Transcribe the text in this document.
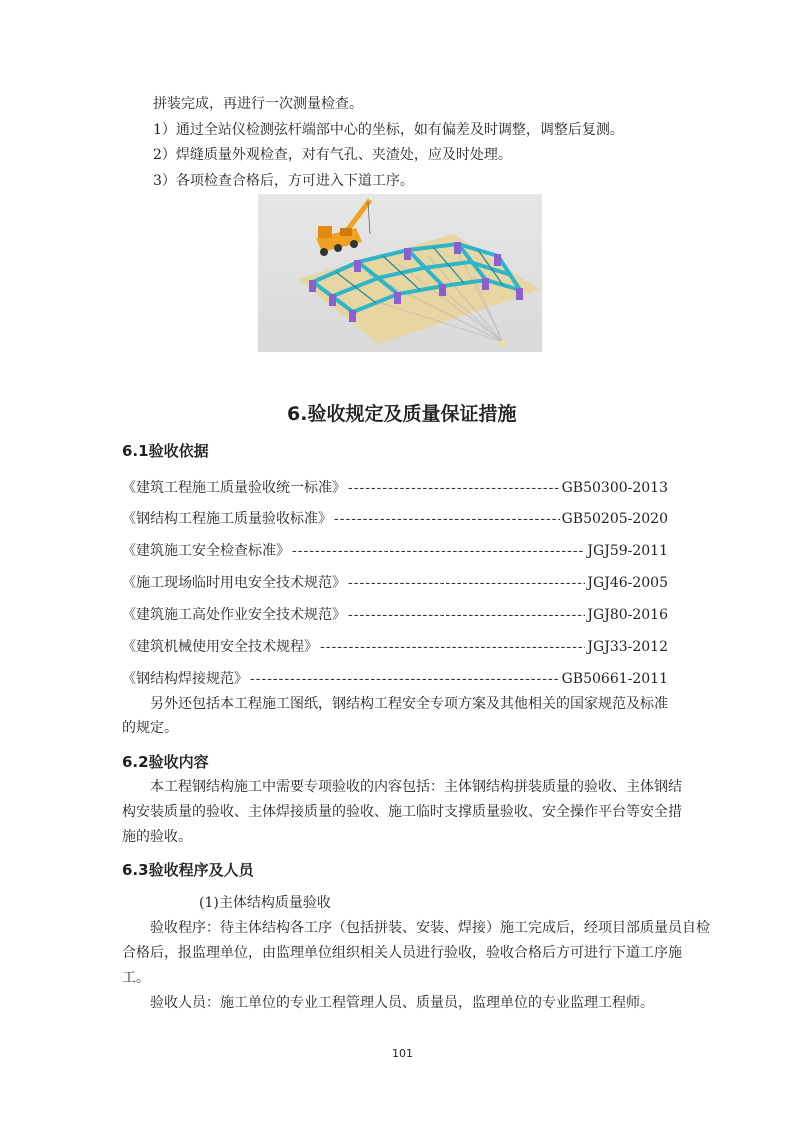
拼装完成，再进行一次测量检查。
1）通过全站仪检测弦杆端部中心的坐标，如有偏差及时调整，调整后复测。
2）焊缝质量外观检查，对有气孔、夹渣处，应及时处理。
3）各项检查合格后，方可进入下道工序。
6.验收规定及质量保证措施
6.1验收依据
《建筑工程施工质量验收统一标准》 -----	GB50300-2013
《钢结构工程施工质量验收标准》 -----	GB50205-2020
《建筑施工安全检查标准》 -----	JGJ59-2011
《施工现场临时用电安全技术规范》 -----	JGJ46-2005
《建筑施工高处作业安全技术规范》 -----	JGJ80-2016
《建筑机械使用安全技术规程》 -----	JGJ33-2012
《钢结构焊接规范》 -----	GB50661-2011
另外还包括本工程施工图纸，钢结构工程安全专项方案及其他相关的国家规范及标准
的规定。
6.2验收内容
本工程钢结构施工中需要专项验收的内容包括：主体钢结构拼装质量的验收、主体钢结
构安装质量的验收、主体焊接质量的验收、施工临时支撑质量验收、安全操作平台等安全措
施的验收。
6.3验收程序及人员
(1)主体结构质量验收
验收程序：待主体结构各工序（包括拼装、安装、焊接）施工完成后，经项目部质量员自检
合格后，报监理单位，由监理单位组织相关人员进行验收，验收合格后方可进行下道工序施
工。
验收人员：施工单位的专业工程管理人员、质量员，监理单位的专业监理工程师。
101
